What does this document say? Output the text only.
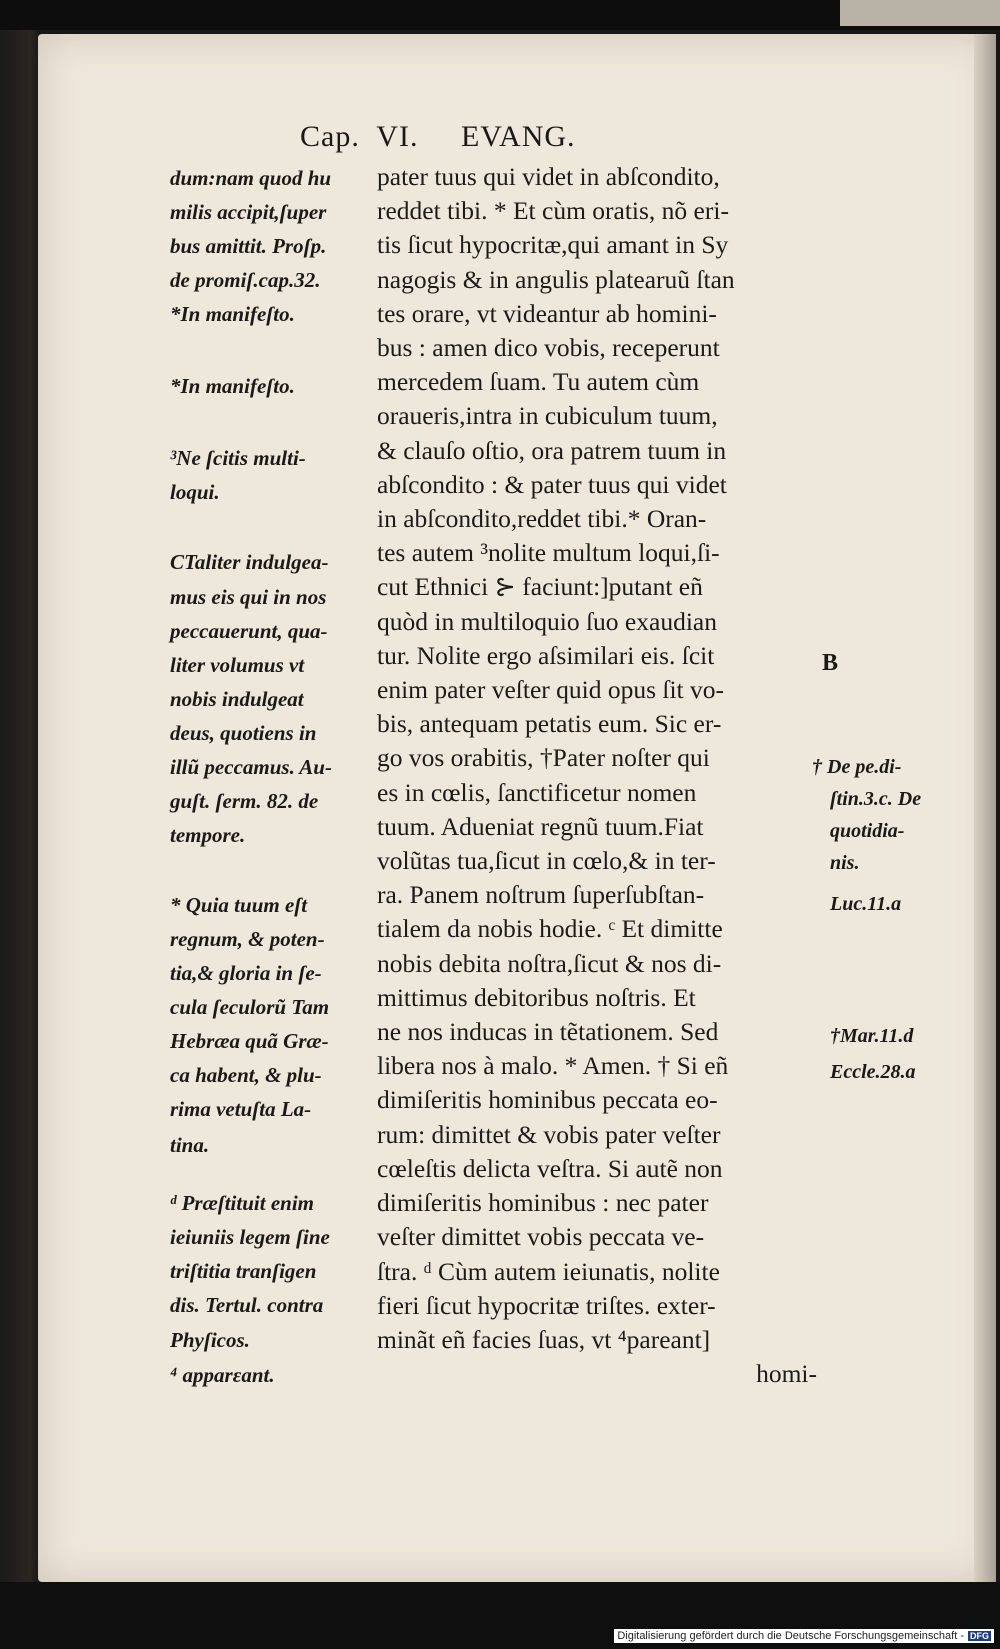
Cap.  VI.     EVANG.
pater tuus qui videt in abſcondito,
reddet tibi. * Et cùm oratis, nõ eri-
tis ſicut hypocritæ,qui amant in Sy
nagogis & in angulis platearuũ ſtan
tes orare, vt videantur ab homini-
bus : amen dico vobis, receperunt
mercedem ſuam. Tu autem cùm
oraueris,intra in cubiculum tuum,
& clauſo oſtio, ora patrem tuum in
abſcondito : & pater tuus qui videt
in abſcondito,reddet tibi.* Oran-
tes autem ³nolite multum loqui,ſi-
cut Ethnici ⊱ faciunt:]putant eñ
quòd in multiloquio ſuo exaudian
tur. Nolite ergo aſsimilari eis. ſcit
enim pater veſter quid opus ſit vo-
bis, antequam petatis eum. Sic er-
go vos orabitis, †Pater noſter qui
es in cœlis, ſanctificetur nomen
tuum. Adueniat regnũ tuum.Fiat
volũtas tua,ſicut in cœlo,& in ter-
ra. Panem noſtrum ſuperſubſtan-
tialem da nobis hodie. ᶜ Et dimitte
nobis debita noſtra,ſicut & nos di-
mittimus debitoribus noſtris. Et
ne nos inducas in tẽtationem. Sed
libera nos à malo. * Amen. † Si eñ
dimiſeritis hominibus peccata eo-
rum: dimittet & vobis pater veſter
cœleſtis delicta veſtra. Si autẽ non
dimiſeritis hominibus : nec pater
veſter dimittet vobis peccata ve-
ſtra. ᵈ Cùm autem ieiunatis, nolite
fieri ſicut hypocritæ triſtes. exter-
minãt eñ facies ſuas, vt ⁴pareant]
homi-
dum:nam quod hu
milis accipit,ſuper
bus amittit. Proſp.
de promiſ.cap.32.
*In manifeſto.
*In manifeſto.
³Ne ſcitis multi-
loqui.
CTaliter indulgea-
mus eis qui in nos
peccauerunt, qua-
liter volumus vt
nobis indulgeat
deus, quotiens in
illũ peccamus. Au-
guſt. ſerm. 82. de
tempore.
* Quia tuum eſt
regnum, & poten-
tia,& gloria in ſe-
cula ſeculorũ Tam
Hebræa quã Græ-
ca habent, & plu-
rima vetuſta La-
tina.
ᵈ Præſtituit enim
ieiuniis legem ſine
triſtitia tranſigen
dis. Tertul. contra
Phyſicos.
⁴ apparεant.
B
† De pe.di-
ſtin.3.c. De
quotidia-
nis.
Luc.11.a
†Mar.11.d
Eccle.28.a
Digitalisierung gefördert durch die Deutsche Forschungsgemeinschaft - DFG
